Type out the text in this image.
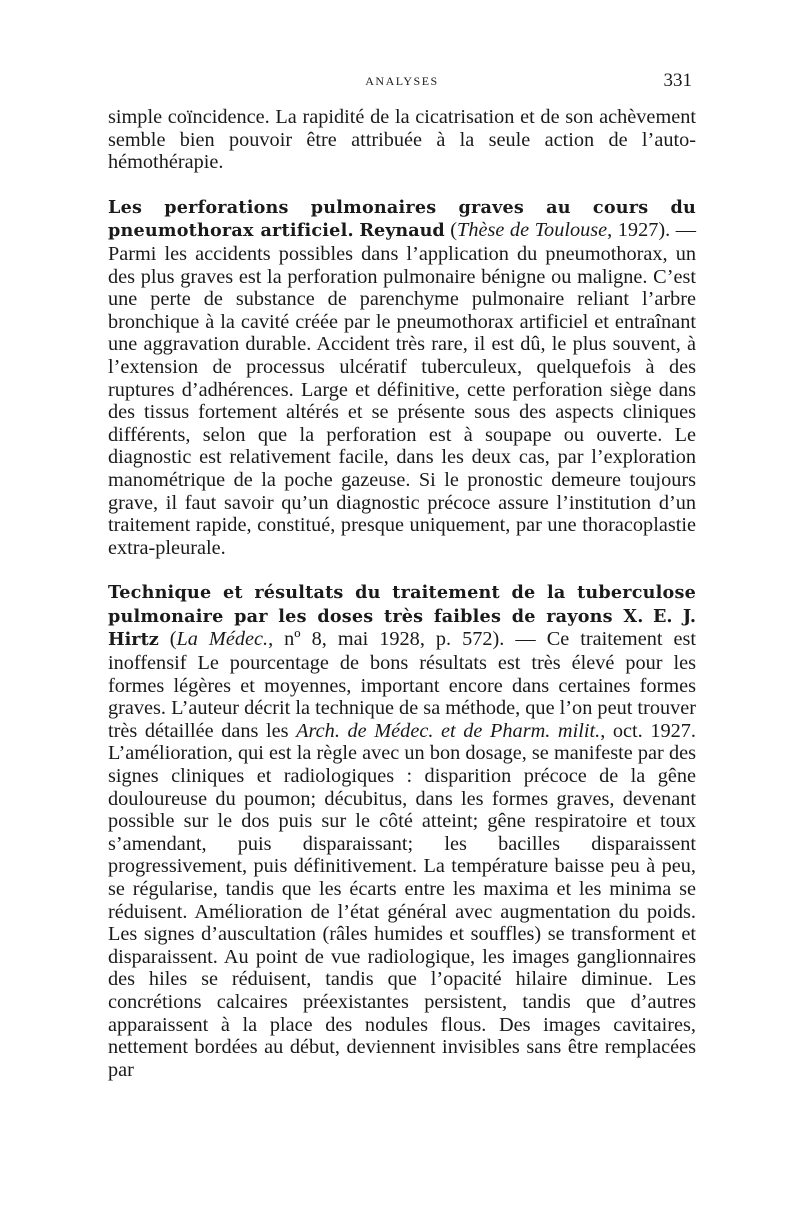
ANALYSES	331

simple coïncidence. La rapidité de la cicatrisation et de son achèvement semble bien pouvoir être attribuée à la seule action de l’auto-hémothérapie.

Les perforations pulmonaires graves au cours du pneumothorax artificiel. Reynaud (Thèse de Toulouse, 1927). — Parmi les accidents possibles dans l’application du pneumothorax, un des plus graves est la perforation pulmonaire bénigne ou maligne. C’est une perte de substance de parenchyme pulmonaire reliant l’arbre bronchique à la cavité créée par le pneumothorax artificiel et entraînant une aggravation durable. Accident très rare, il est dû, le plus souvent, à l’extension de processus ulcératif tuberculeux, quelquefois à des ruptures d’adhérences. Large et définitive, cette perforation siège dans des tissus fortement altérés et se présente sous des aspects cliniques différents, selon que la perforation est à soupape ou ouverte. Le diagnostic est relativement facile, dans les deux cas, par l’exploration manométrique de la poche gazeuse. Si le pronostic demeure toujours grave, il faut savoir qu’un diagnostic précoce assure l’institution d’un traitement rapide, constitué, presque uniquement, par une thoracoplastie extra-pleurale.

Technique et résultats du traitement de la tuberculose pulmonaire par les doses très faibles de rayons X. E. J. Hirtz (La Médec., nº 8, mai 1928, p. 572). — Ce traitement est inoffensif Le pourcentage de bons résultats est très élevé pour les formes légères et moyennes, important encore dans certaines formes graves. L’auteur décrit la technique de sa méthode, que l’on peut trouver très détaillée dans les Arch. de Médec. et de Pharm. milit., oct. 1927. L’amélioration, qui est la règle avec un bon dosage, se manifeste par des signes cliniques et radiologiques : disparition précoce de la gêne douloureuse du poumon; décubitus, dans les formes graves, devenant possible sur le dos puis sur le côté atteint; gêne respiratoire et toux s’amendant, puis disparaissant; les bacilles disparaissent progressivement, puis définitivement. La température baisse peu à peu, se régularise, tandis que les écarts entre les maxima et les minima se réduisent. Amélioration de l’état général avec augmentation du poids. Les signes d’auscultation (râles humides et souffles) se transforment et disparaissent. Au point de vue radiologique, les images ganglionnaires des hiles se réduisent, tandis que l’opacité hilaire diminue. Les concrétions calcaires préexistantes persistent, tandis que d’autres apparaissent à la place des nodules flous. Des images cavitaires, nettement bordées au début, deviennent invisibles sans être remplacées par
